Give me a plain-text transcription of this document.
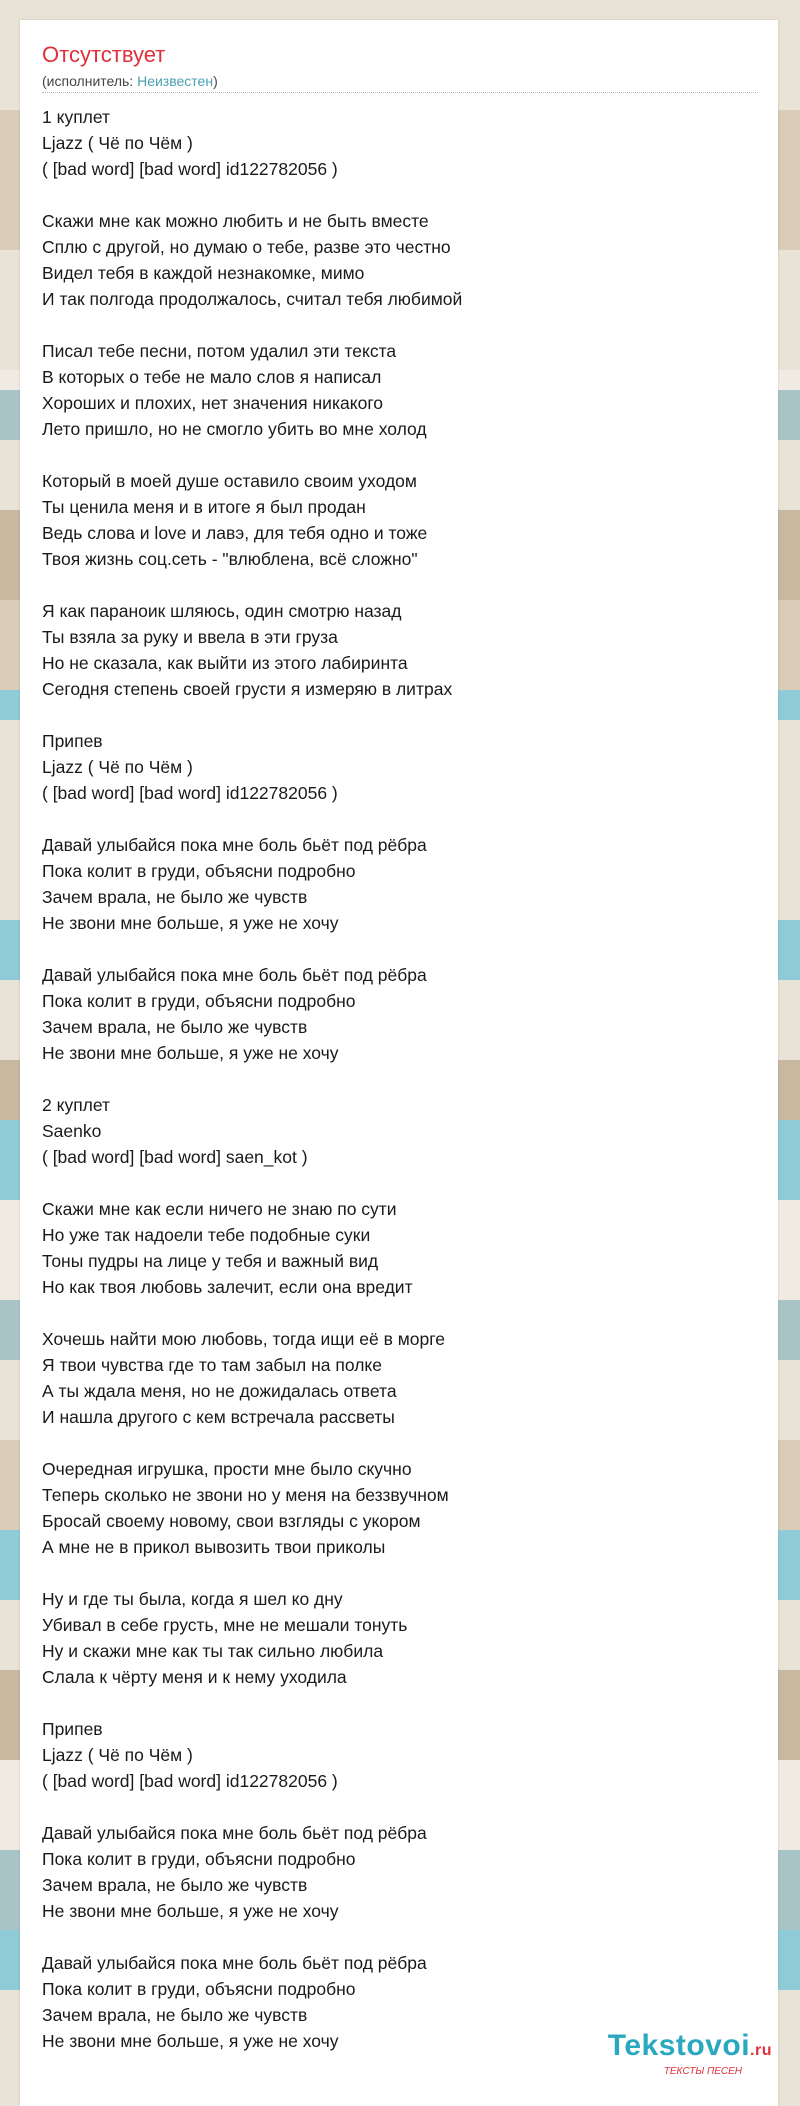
Отсутствует
(исполнитель: Неизвестен)
1 куплет
Ljazz ( Чё по Чём )
( [bad word] [bad word] id122782056 )
Скажи мне как можно любить и не быть вместе
Сплю с другой, но думаю о тебе, разве это честно
Видел тебя в каждой незнакомке, мимо
И так полгода продолжалось, считал тебя любимой
Писал тебе песни, потом удалил эти текста
В которых о тебе не мало слов я написал
Хороших и плохих, нет значения никакого
Лето пришло, но не смогло убить во мне холод
Который в моей душе оставило своим уходом
Ты ценила меня и в итоге я был продан
Ведь слова и love и лавэ, для тебя одно и тоже
Твоя жизнь соц.сеть - "влюблена, всё сложно"
Я как параноик шляюсь, один смотрю назад
Ты взяла за руку и ввела в эти груза
Но не сказала, как выйти из этого лабиринта
Сегодня степень своей грусти я измеряю в литрах
Припев
Ljazz ( Чё по Чём )
( [bad word] [bad word] id122782056 )
Давай улыбайся пока мне боль бьёт под рёбра
Пока колит в груди, объясни подробно
Зачем врала, не было же чувств
Не звони мне больше, я уже не хочу
Давай улыбайся пока мне боль бьёт под рёбра
Пока колит в груди, объясни подробно
Зачем врала, не было же чувств
Не звони мне больше, я уже не хочу
2 куплет
Saenko
( [bad word] [bad word] saen_kot )
Скажи мне как если ничего не знаю по сути
Но уже так надоели тебе подобные суки
Тоны пудры на лице у тебя и важный вид
Но как твоя любовь залечит, если она вредит
Хочешь найти мою любовь, тогда ищи её в морге
Я твои чувства где то там забыл на полке
А ты ждала меня, но не дожидалась ответа
И нашла другого с кем встречала рассветы
Очередная игрушка, прости мне было скучно
Теперь сколько не звони но у меня на беззвучном
Бросай своему новому, свои взгляды с укором
А мне не в прикол вывозить твои приколы
Ну и где ты была, когда я шел ко дну
Убивал в себе грусть, мне не мешали тонуть
Ну и скажи мне как ты так сильно любила
Слала к чёрту меня и к нему уходила
Припев
Ljazz ( Чё по Чём )
( [bad word] [bad word] id122782056 )
Давай улыбайся пока мне боль бьёт под рёбра
Пока колит в груди, объясни подробно
Зачем врала, не было же чувств
Не звони мне больше, я уже не хочу
Давай улыбайся пока мне боль бьёт под рёбра
Пока колит в груди, объясни подробно
Зачем врала, не было же чувств
Не звони мне больше, я уже не хочу	Tekstovoi.ru
ТЕКСТЫ ПЕСЕН
